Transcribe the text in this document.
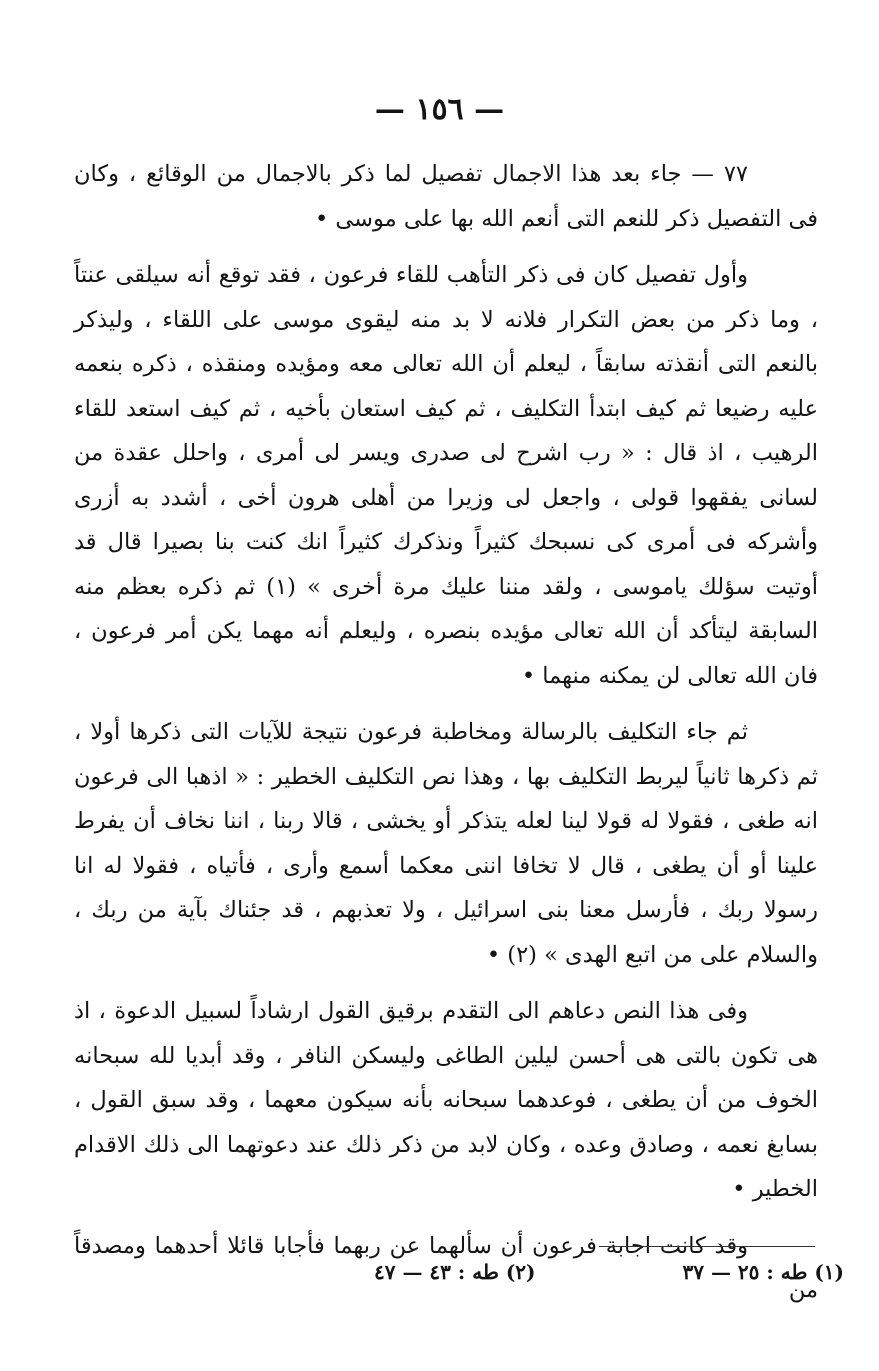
— ١٥٦ —

٧٧ — جاء بعد هذا الاجمال تفصيل لما ذكر بالاجمال من الوقائع ، وكان فى التفصيل ذكر للنعم التى أنعم الله بها على موسى •

وأول تفصيل كان فى ذكر التأهب للقاء فرعون ، فقد توقع أنه سيلقى عنتاً ، وما ذكر من بعض التكرار فلانه لا بد منه ليقوى موسى على اللقاء ، وليذكر بالنعم التى أنقذته سابقاً ، ليعلم أن الله تعالى معه ومؤيده ومنقذه ، ذكره بنعمه عليه رضيعا ثم كيف ابتدأ التكليف ، ثم كيف استعان بأخيه ، ثم كيف استعد للقاء الرهيب ، اذ قال : « رب اشرح لى صدرى ويسر لى أمرى ، واحلل عقدة من لسانى يفقهوا قولى ، واجعل لى وزيرا من أهلى هرون أخى ، أشدد به أزرى وأشركه فى أمرى كى نسبحك كثيراً ونذكرك كثيراً انك كنت بنا بصيرا قال قد أوتيت سؤلك ياموسى ، ولقد مننا عليك مرة أخرى » (١) ثم ذكره بعظم منه السابقة ليتأكد أن الله تعالى مؤيده بنصره ، وليعلم أنه مهما يكن أمر فرعون ، فان الله تعالى لن يمكنه منهما •

ثم جاء التكليف بالرسالة ومخاطبة فرعون نتيجة للآيات التى ذكرها أولا ، ثم ذكرها ثانياً ليربط التكليف بها ، وهذا نص التكليف الخطير : « اذهبا الى فرعون انه طغى ، فقولا له قولا لينا لعله يتذكر أو يخشى ، قالا ربنا ، اننا نخاف أن يفرط علينا أو أن يطغى ، قال لا تخافا اننى معكما أسمع وأرى ، فأتياه ، فقولا له انا رسولا ربك ، فأرسل معنا بنى اسرائيل ، ولا تعذبهم ، قد جئناك بآية من ربك ، والسلام على من اتبع الهدى » (٢) •

وفى هذا النص دعاهم الى التقدم برقيق القول ارشاداً لسبيل الدعوة ، اذ هى تكون بالتى هى أحسن ليلين الطاغى وليسكن النافر ، وقد أبديا لله سبحانه الخوف من أن يطغى ، فوعدهما سبحانه بأنه سيكون معهما ، وقد سبق القول ، بسابغ نعمه ، وصادق وعده ، وكان لابد من ذكر ذلك عند دعوتهما الى ذلك الاقدام الخطير •

وقد كانت اجابة فرعون أن سألهما عن ربهما فأجابا قائلا أحدهما ومصدقاً من

(١) طه : ٢٥ — ٣٧
(٢) طه : ٤٣ — ٤٧
